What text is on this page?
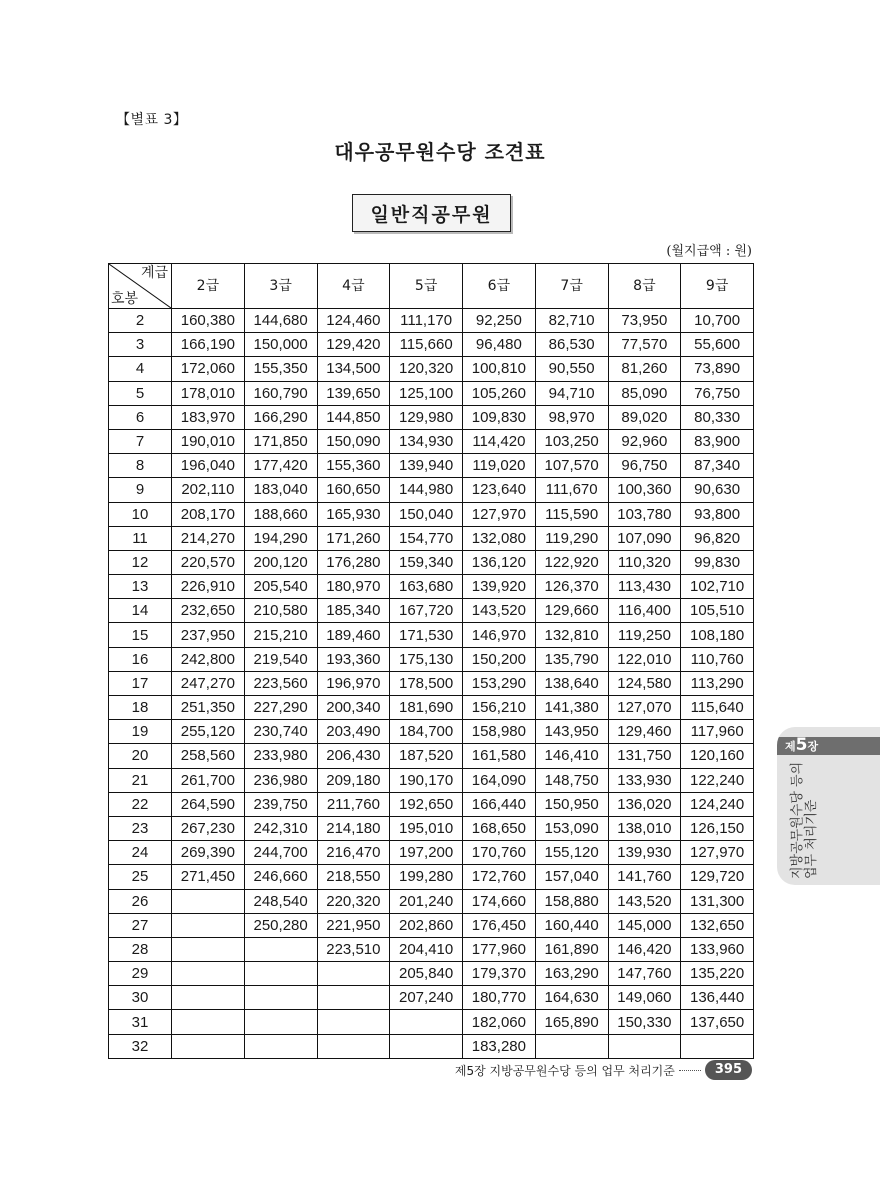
【별표 3】
대우공무원수당 조견표
일반직공무원
(월지급액 : 원)
계급
호봉	2급	3급	4급	5급	6급	7급	8급	9급
2	160,380	144,680	124,460	111,170	92,250	82,710	73,950	10,700
3	166,190	150,000	129,420	115,660	96,480	86,530	77,570	55,600
4	172,060	155,350	134,500	120,320	100,810	90,550	81,260	73,890
5	178,010	160,790	139,650	125,100	105,260	94,710	85,090	76,750
6	183,970	166,290	144,850	129,980	109,830	98,970	89,020	80,330
7	190,010	171,850	150,090	134,930	114,420	103,250	92,960	83,900
8	196,040	177,420	155,360	139,940	119,020	107,570	96,750	87,340
9	202,110	183,040	160,650	144,980	123,640	111,670	100,360	90,630
10	208,170	188,660	165,930	150,040	127,970	115,590	103,780	93,800
11	214,270	194,290	171,260	154,770	132,080	119,290	107,090	96,820
12	220,570	200,120	176,280	159,340	136,120	122,920	110,320	99,830
13	226,910	205,540	180,970	163,680	139,920	126,370	113,430	102,710
14	232,650	210,580	185,340	167,720	143,520	129,660	116,400	105,510
15	237,950	215,210	189,460	171,530	146,970	132,810	119,250	108,180
16	242,800	219,540	193,360	175,130	150,200	135,790	122,010	110,760
17	247,270	223,560	196,970	178,500	153,290	138,640	124,580	113,290
18	251,350	227,290	200,340	181,690	156,210	141,380	127,070	115,640
19	255,120	230,740	203,490	184,700	158,980	143,950	129,460	117,960
20	258,560	233,980	206,430	187,520	161,580	146,410	131,750	120,160
21	261,700	236,980	209,180	190,170	164,090	148,750	133,930	122,240
22	264,590	239,750	211,760	192,650	166,440	150,950	136,020	124,240
23	267,230	242,310	214,180	195,010	168,650	153,090	138,010	126,150
24	269,390	244,700	216,470	197,200	170,760	155,120	139,930	127,970
25	271,450	246,660	218,550	199,280	172,760	157,040	141,760	129,720
26		248,540	220,320	201,240	174,660	158,880	143,520	131,300
27		250,280	221,950	202,860	176,450	160,440	145,000	132,650
28			223,510	204,410	177,960	161,890	146,420	133,960
29				205,840	179,370	163,290	147,760	135,220
30				207,240	180,770	164,630	149,060	136,440
31					182,060	165,890	150,330	137,650
32					183,280			
제5장
지방공무원수당 등의 업무 처리기준
제5장 지방공무원수당 등의 업무 처리기준	395
